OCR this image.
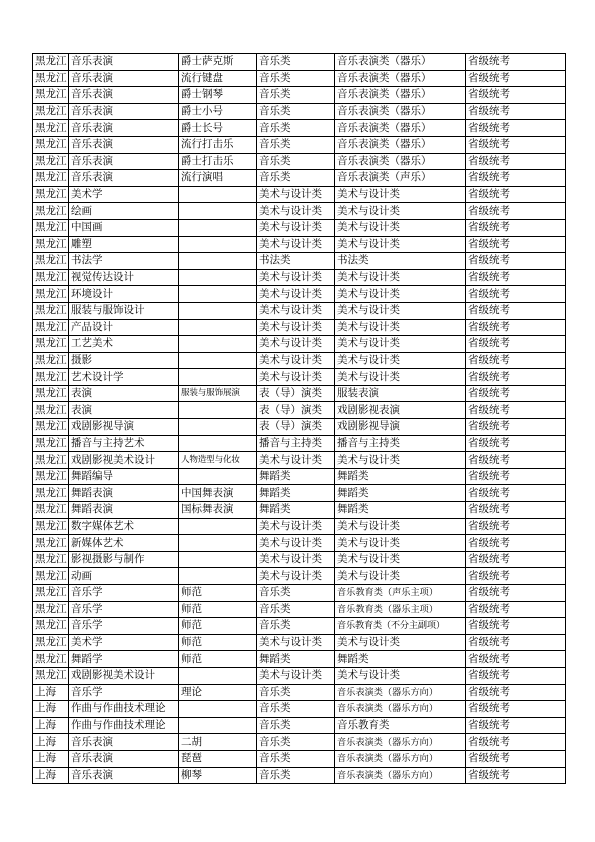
黑龙江	音乐表演	爵士萨克斯	音乐类	音乐表演类（器乐）	省级统考
黑龙江	音乐表演	流行键盘	音乐类	音乐表演类（器乐）	省级统考
黑龙江	音乐表演	爵士钢琴	音乐类	音乐表演类（器乐）	省级统考
黑龙江	音乐表演	爵士小号	音乐类	音乐表演类（器乐）	省级统考
黑龙江	音乐表演	爵士长号	音乐类	音乐表演类（器乐）	省级统考
黑龙江	音乐表演	流行打击乐	音乐类	音乐表演类（器乐）	省级统考
黑龙江	音乐表演	爵士打击乐	音乐类	音乐表演类（器乐）	省级统考
黑龙江	音乐表演	流行演唱	音乐类	音乐表演类（声乐）	省级统考
黑龙江	美术学		美术与设计类	美术与设计类	省级统考
黑龙江	绘画		美术与设计类	美术与设计类	省级统考
黑龙江	中国画		美术与设计类	美术与设计类	省级统考
黑龙江	雕塑		美术与设计类	美术与设计类	省级统考
黑龙江	书法学		书法类	书法类	省级统考
黑龙江	视觉传达设计		美术与设计类	美术与设计类	省级统考
黑龙江	环境设计		美术与设计类	美术与设计类	省级统考
黑龙江	服装与服饰设计		美术与设计类	美术与设计类	省级统考
黑龙江	产品设计		美术与设计类	美术与设计类	省级统考
黑龙江	工艺美术		美术与设计类	美术与设计类	省级统考
黑龙江	摄影		美术与设计类	美术与设计类	省级统考
黑龙江	艺术设计学		美术与设计类	美术与设计类	省级统考
黑龙江	表演	服装与服饰展演	表（导）演类	服装表演	省级统考
黑龙江	表演		表（导）演类	戏剧影视表演	省级统考
黑龙江	戏剧影视导演		表（导）演类	戏剧影视导演	省级统考
黑龙江	播音与主持艺术		播音与主持类	播音与主持类	省级统考
黑龙江	戏剧影视美术设计	人物造型与化妆	美术与设计类	美术与设计类	省级统考
黑龙江	舞蹈编导		舞蹈类	舞蹈类	省级统考
黑龙江	舞蹈表演	中国舞表演	舞蹈类	舞蹈类	省级统考
黑龙江	舞蹈表演	国标舞表演	舞蹈类	舞蹈类	省级统考
黑龙江	数字媒体艺术		美术与设计类	美术与设计类	省级统考
黑龙江	新媒体艺术		美术与设计类	美术与设计类	省级统考
黑龙江	影视摄影与制作		美术与设计类	美术与设计类	省级统考
黑龙江	动画		美术与设计类	美术与设计类	省级统考
黑龙江	音乐学	师范	音乐类	音乐教育类（声乐主项）	省级统考
黑龙江	音乐学	师范	音乐类	音乐教育类（器乐主项）	省级统考
黑龙江	音乐学	师范	音乐类	音乐教育类（不分主副项）	省级统考
黑龙江	美术学	师范	美术与设计类	美术与设计类	省级统考
黑龙江	舞蹈学	师范	舞蹈类	舞蹈类	省级统考
黑龙江	戏剧影视美术设计		美术与设计类	美术与设计类	省级统考
上海	音乐学	理论	音乐类	音乐表演类（器乐方向）	省级统考
上海	作曲与作曲技术理论		音乐类	音乐表演类（器乐方向）	省级统考
上海	作曲与作曲技术理论		音乐类	音乐教育类	省级统考
上海	音乐表演	二胡	音乐类	音乐表演类（器乐方向）	省级统考
上海	音乐表演	琵琶	音乐类	音乐表演类（器乐方向）	省级统考
上海	音乐表演	柳琴	音乐类	音乐表演类（器乐方向）	省级统考
